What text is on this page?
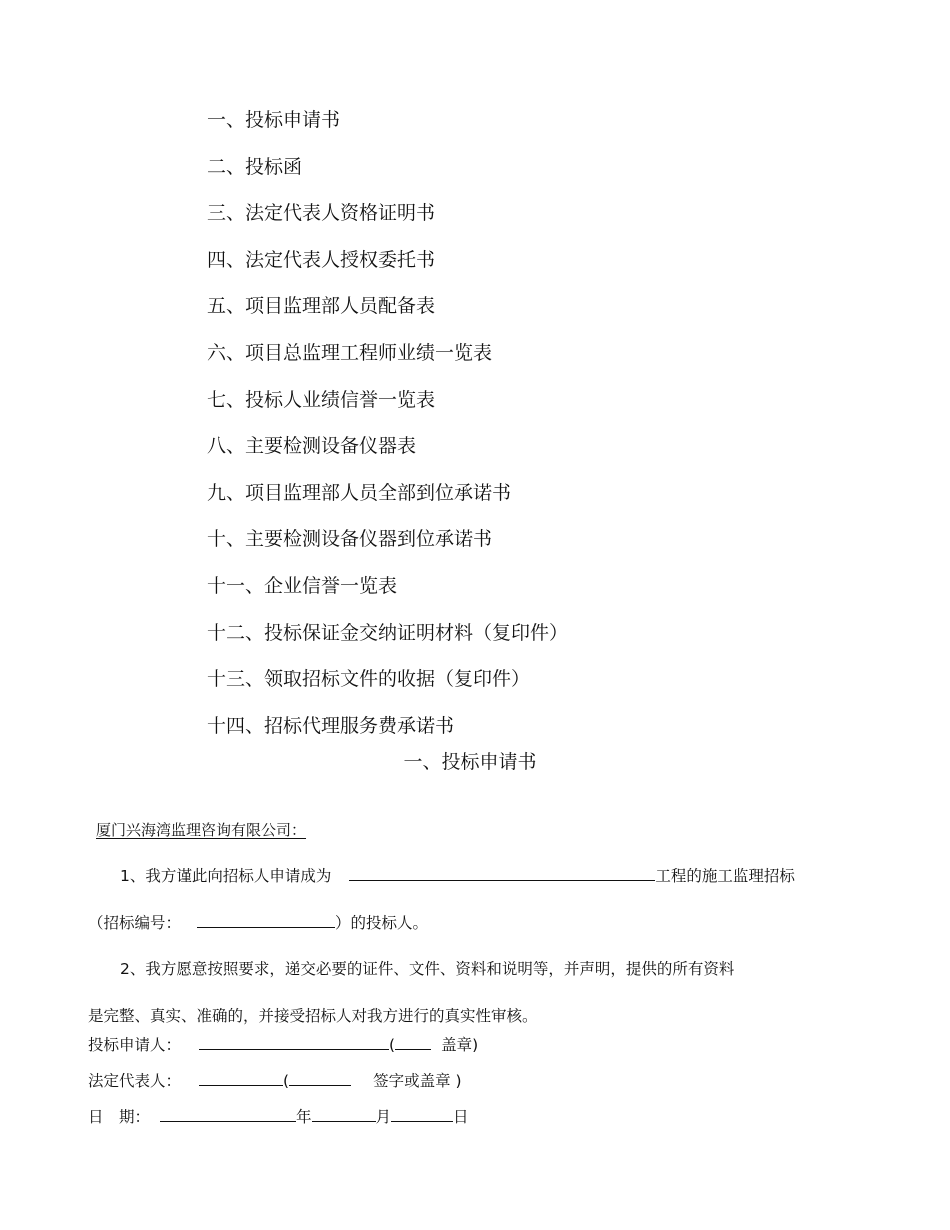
一、投标申请书
二、投标函
三、法定代表人资格证明书
四、法定代表人授权委托书
五、项目监理部人员配备表
六、项目总监理工程师业绩一览表
七、投标人业绩信誉一览表
八、主要检测设备仪器表
九、项目监理部人员全部到位承诺书
十、主要检测设备仪器到位承诺书
十一、企业信誉一览表
十二、投标保证金交纳证明材料（复印件）
十三、领取招标文件的收据（复印件）
十四、招标代理服务费承诺书
一、投标申请书
厦门兴海湾监理咨询有限公司：
1、我方谨此向招标人申请成为	工程的施工监理招标
（招标编号：	）的投标人。
2、我方愿意按照要求，递交必要的证件、文件、资料和说明等，并声明，提供的所有资料
是完整、真实、准确的，并接受招标人对我方进行的真实性审核。
投标申请人：	(	盖章)
法定代表人：	(	签字或盖章 )
日　期：	年	月	日
